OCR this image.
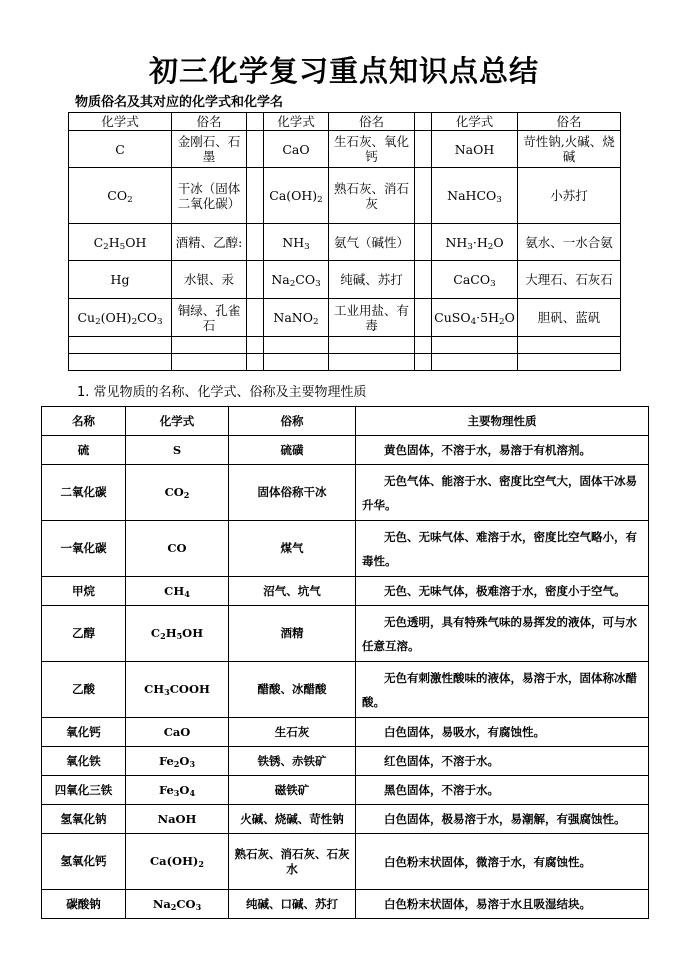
初三化学复习重点知识点总结
物质俗名及其对应的化学式和化学名
化学式	俗名		化学式	俗名		化学式	俗名
C	金刚石、石墨		CaO	生石灰、氧化钙		NaOH	苛性钠,火碱、烧碱
$CO_2$	干冰（固体二氧化碳）		$Ca(OH)_2$	熟石灰、消石灰		NaHCO$_3$	小苏打
$C_2H_5OH$	酒精、乙醇:		$NH_3$	氨气（碱性）		$NH_3\cdot H_2O$	氨水、一水合氨
Hg	水银、汞		$Na_2CO_3$	纯碱、苏打		CaCO$_3$	大理石、石灰石
$Cu_2(OH)_2CO_3$	铜绿、孔雀石		NaNO$_2$	工业用盐、有毒		$CuSO_4\cdot 5H_2O$	胆矾、蓝矾

1. 常见物质的名称、化学式、俗称及主要物理性质
名称	化学式	俗称	主要物理性质
硫	S	硫磺	黄色固体，不溶于水，易溶于有机溶剂。
二氧化碳	$CO_2$	固体俗称干冰	无色气体、能溶于水、密度比空气大，固体干冰易升华。
一氧化碳	CO	煤气	无色、无味气体、难溶于水，密度比空气略小，有毒性。
甲烷	$CH_4$	沼气、坑气	无色、无味气体，极难溶于水，密度小于空气。
乙醇	$C_2H_5OH$	酒精	无色透明，具有特殊气味的易挥发的液体，可与水任意互溶。
乙酸	$CH_3COOH$	醋酸、冰醋酸	无色有刺激性酸味的液体，易溶于水，固体称冰醋酸。
氧化钙	CaO	生石灰	白色固体，易吸水，有腐蚀性。
氧化铁	$Fe_2O_3$	铁锈、赤铁矿	红色固体，不溶于水。
四氧化三铁	$Fe_3O_4$	磁铁矿	黑色固体，不溶于水。
氢氧化钠	NaOH	火碱、烧碱、苛性钠	白色固体，极易溶于水，易潮解，有强腐蚀性。
氢氧化钙	$Ca(OH)_2$	熟石灰、消石灰、石灰水	白色粉末状固体，微溶于水，有腐蚀性。
碳酸钠	$Na_2CO_3$	纯碱、口碱、苏打	白色粉末状固体，易溶于水且吸湿结块。
